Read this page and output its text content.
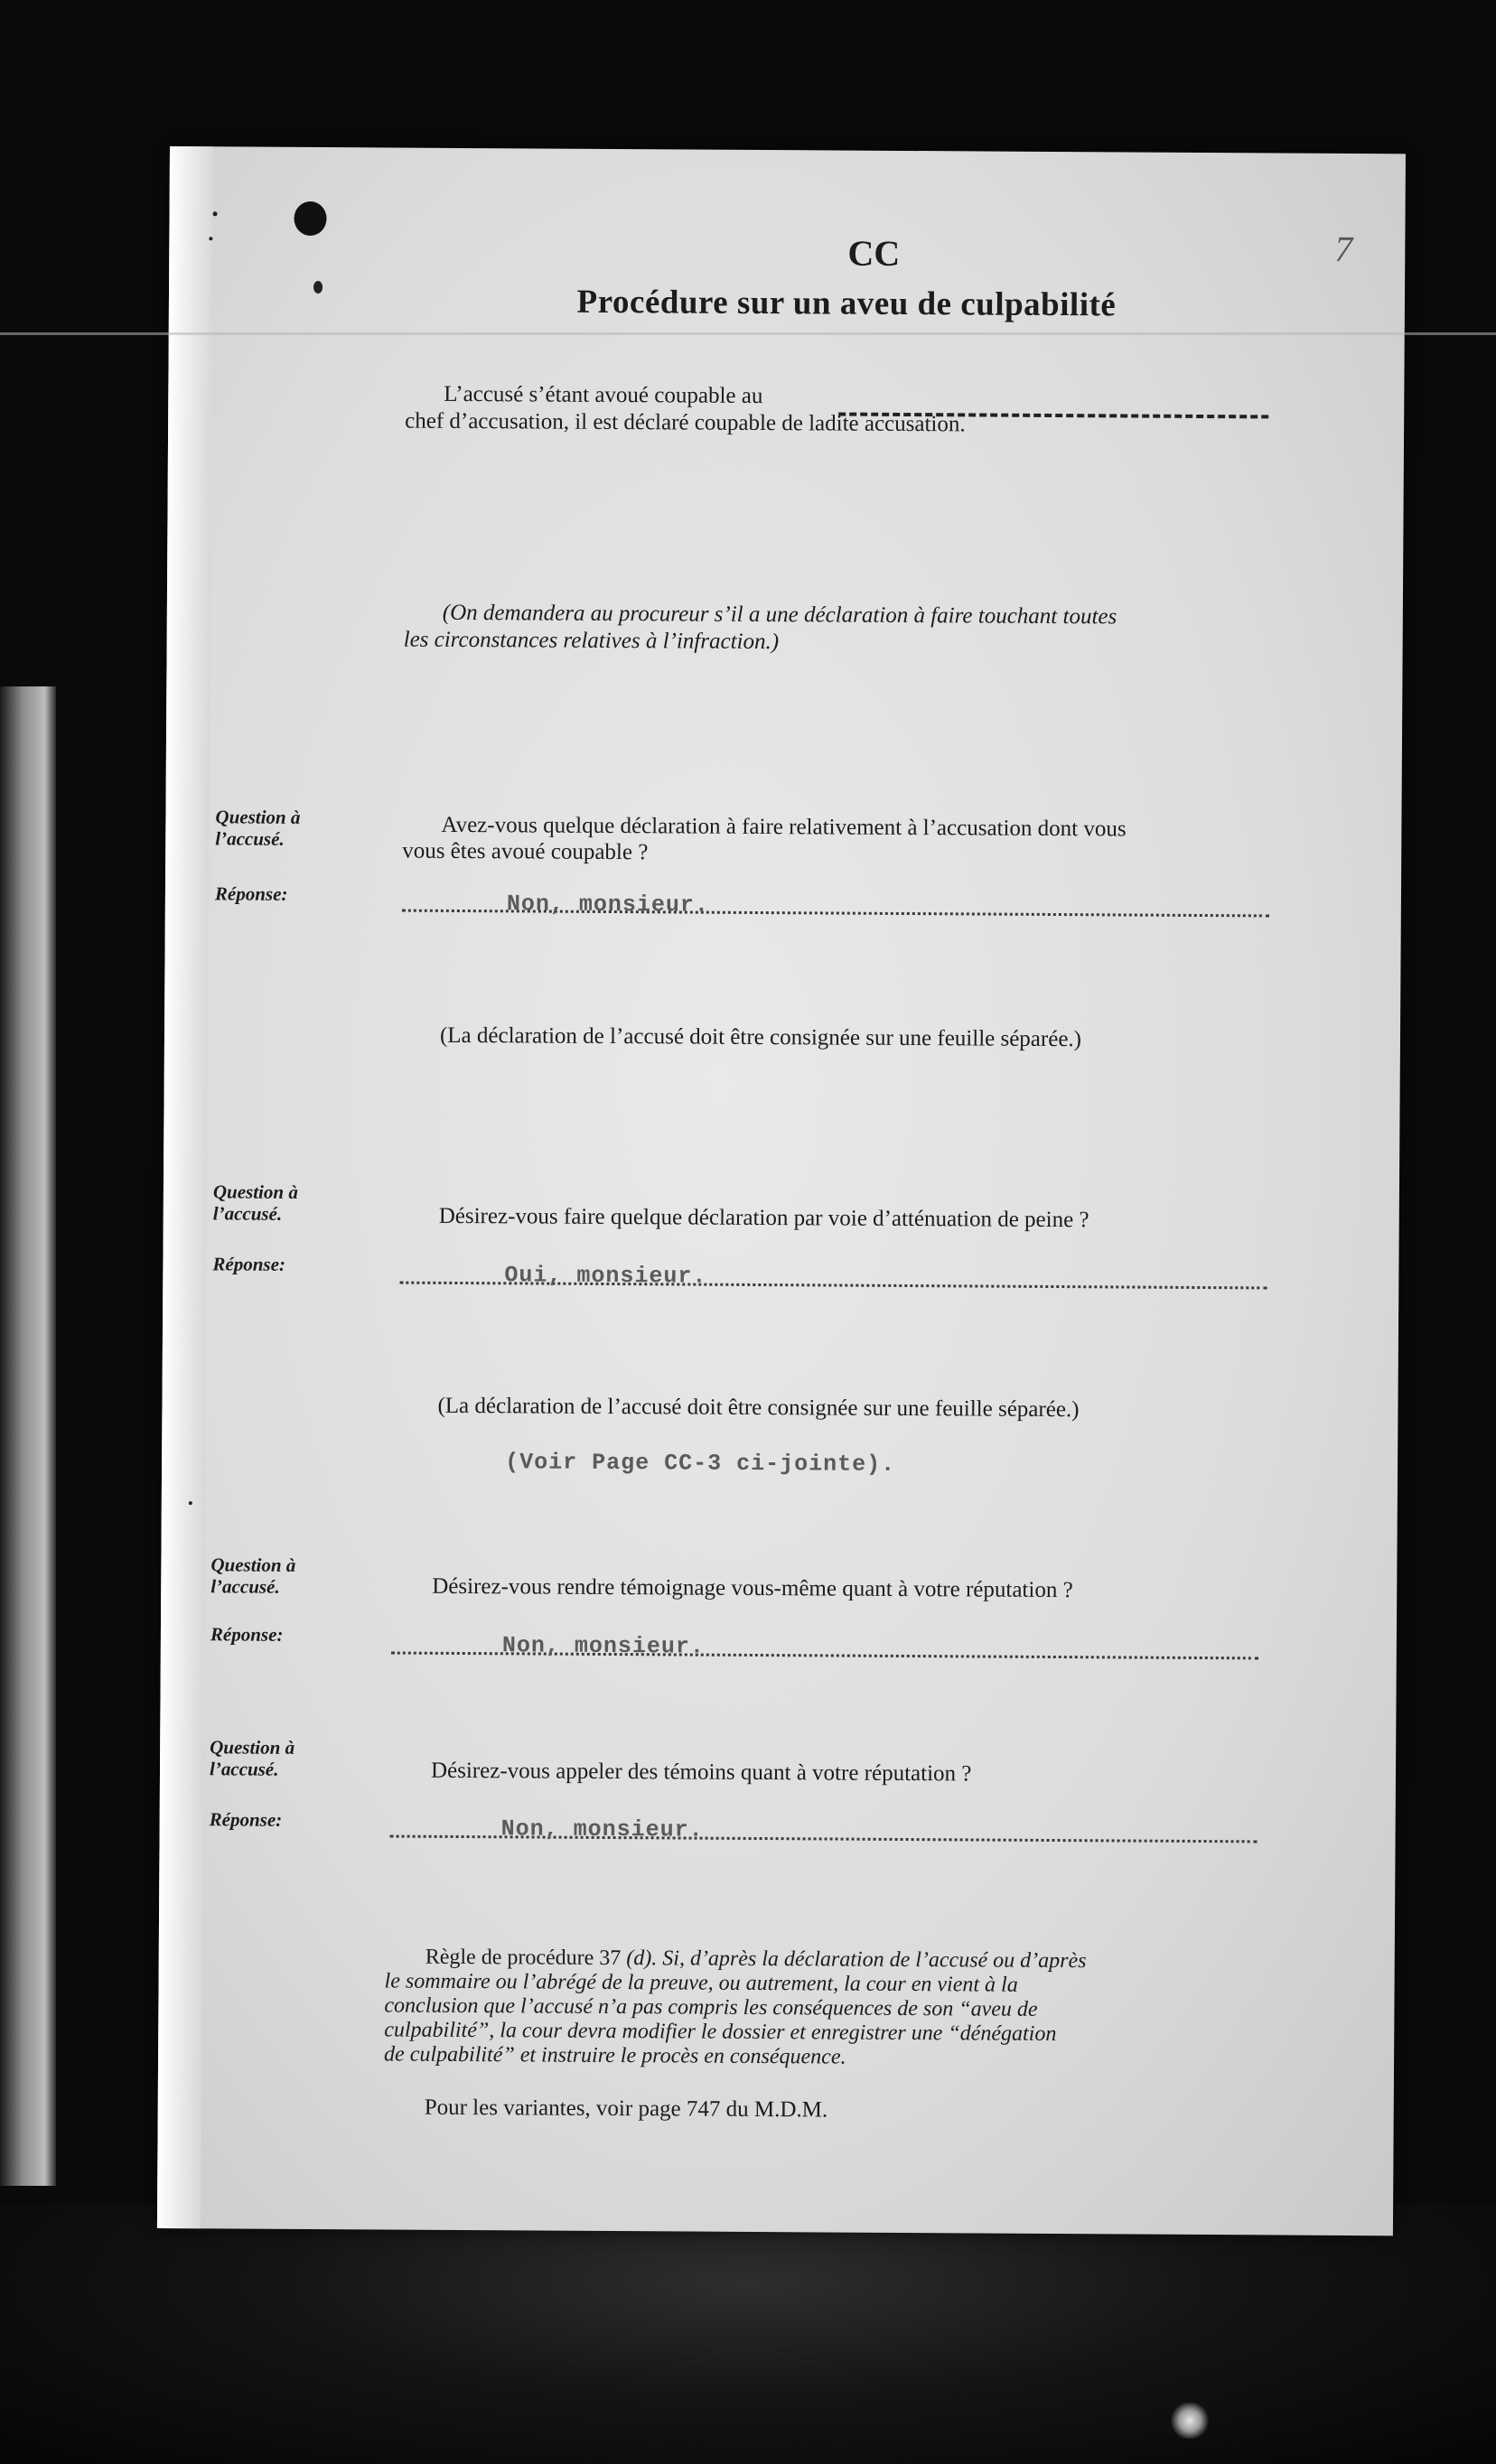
7
CC
Procédure sur un aveu de culpabilité
L’accusé s’étant avoué coupable au
chef d’accusation, il est déclaré coupable de ladite accusation.
(On demandera au procureur s’il a une déclaration à faire touchant toutes
les circonstances relatives à l’infraction.)
Question à
l’accusé.	Avez-vous quelque déclaration à faire relativement à l’accusation dont vous
vous êtes avoué coupable ?
Réponse:	Non, monsieur.
(La déclaration de l’accusé doit être consignée sur une feuille séparée.)
Question à
l’accusé.	Désirez-vous faire quelque déclaration par voie d’atténuation de peine ?
Réponse:	Oui, monsieur.
(La déclaration de l’accusé doit être consignée sur une feuille séparée.)
(Voir Page CC-3 ci-jointe).
Question à
l’accusé.	Désirez-vous rendre témoignage vous-même quant à votre réputation ?
Réponse:	Non, monsieur.
Question à
l’accusé.	Désirez-vous appeler des témoins quant à votre réputation ?
Réponse:	Non, monsieur.
Règle de procédure 37 (d). Si, d’après la déclaration de l’accusé ou d’après
le sommaire ou l’abrégé de la preuve, ou autrement, la cour en vient à la
conclusion que l’accusé n’a pas compris les conséquences de son “aveu de
culpabilité”, la cour devra modifier le dossier et enregistrer une “dénégation
de culpabilité” et instruire le procès en conséquence.
Pour les variantes, voir page 747 du M.D.M.
